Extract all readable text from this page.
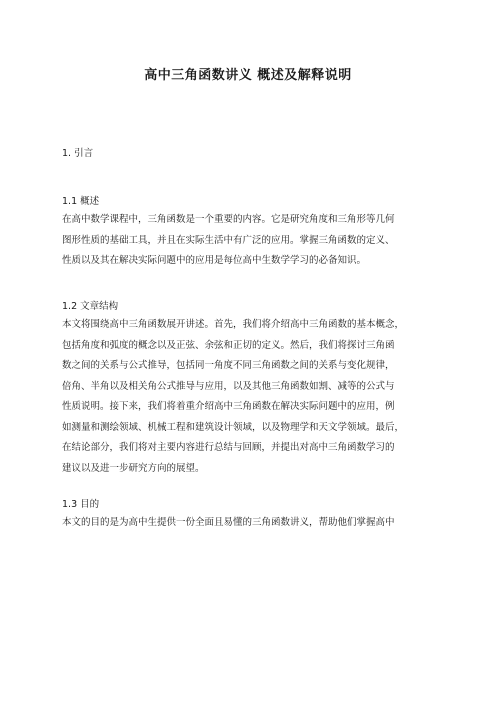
高中三角函数讲义 概述及解释说明
1. 引言
1.1 概述
在高中数学课程中，三角函数是一个重要的内容。它是研究角度和三角形等几何
图形性质的基础工具，并且在实际生活中有广泛的应用。掌握三角函数的定义、
性质以及其在解决实际问题中的应用是每位高中生数学学习的必备知识。
1.2 文章结构
本文将围绕高中三角函数展开讲述。首先，我们将介绍高中三角函数的基本概念，
包括角度和弧度的概念以及正弦、余弦和正切的定义。然后，我们将探讨三角函
数之间的关系与公式推导，包括同一角度不同三角函数之间的关系与变化规律，
倍角、半角以及相关角公式推导与应用，以及其他三角函数如割、减等的公式与
性质说明。接下来，我们将着重介绍高中三角函数在解决实际问题中的应用，例
如测量和测绘领域、机械工程和建筑设计领域，以及物理学和天文学领域。最后，
在结论部分，我们将对主要内容进行总结与回顾，并提出对高中三角函数学习的
建议以及进一步研究方向的展望。
1.3 目的
本文的目的是为高中生提供一份全面且易懂的三角函数讲义，帮助他们掌握高中
